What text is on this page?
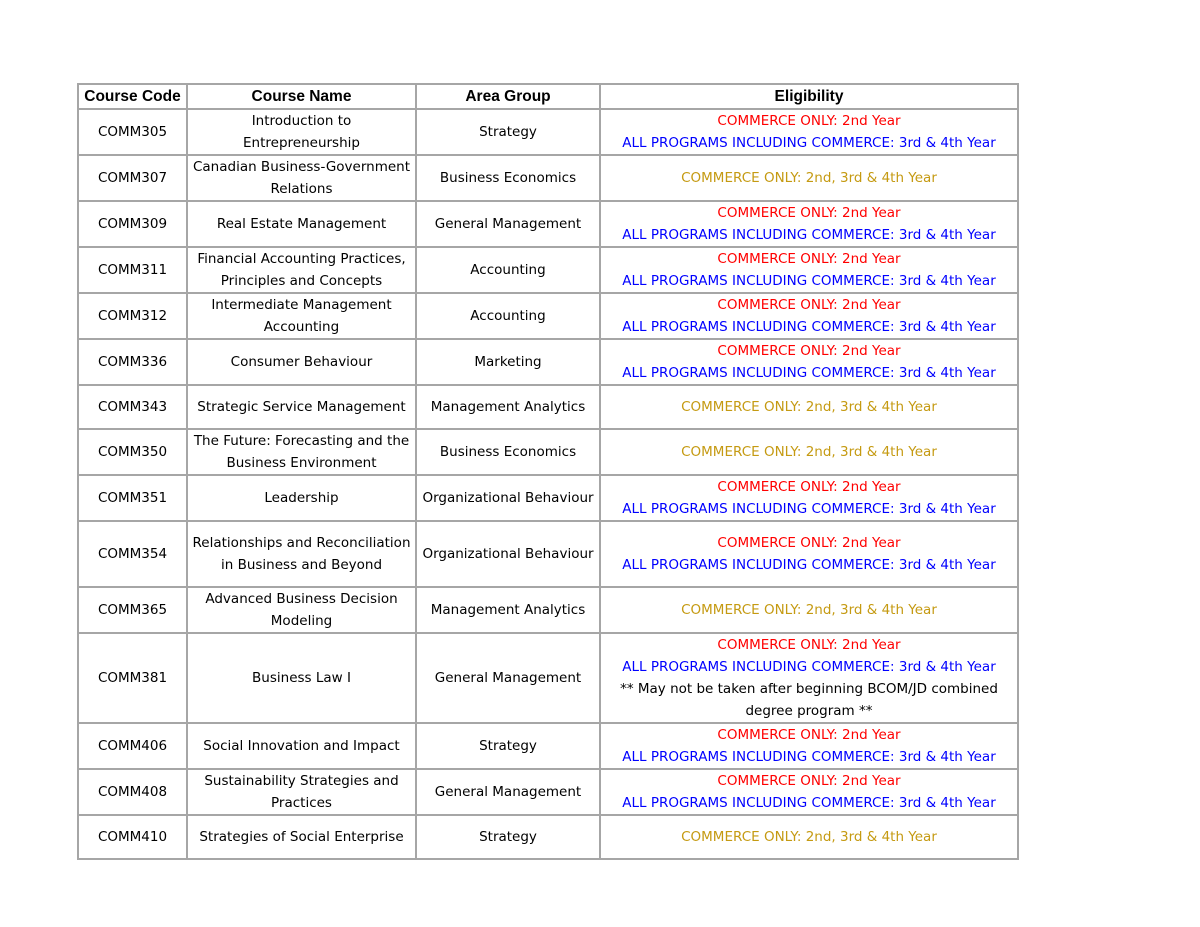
Course Code	Course Name	Area Group	Eligibility
COMM305	Introduction to
Entrepreneurship	Strategy	COMMERCE ONLY: 2nd Year
ALL PROGRAMS INCLUDING COMMERCE: 3rd & 4th Year

COMM307	Canadian Business-Government
Relations	Business Economics	COMMERCE ONLY: 2nd, 3rd & 4th Year

COMM309	Real Estate Management	General Management	COMMERCE ONLY: 2nd Year
ALL PROGRAMS INCLUDING COMMERCE: 3rd & 4th Year

COMM311	Financial Accounting Practices,
Principles and Concepts	Accounting	COMMERCE ONLY: 2nd Year
ALL PROGRAMS INCLUDING COMMERCE: 3rd & 4th Year

COMM312	Intermediate Management
Accounting	Accounting	COMMERCE ONLY: 2nd Year
ALL PROGRAMS INCLUDING COMMERCE: 3rd & 4th Year

COMM336	Consumer Behaviour	Marketing	COMMERCE ONLY: 2nd Year
ALL PROGRAMS INCLUDING COMMERCE: 3rd & 4th Year

COMM343	Strategic Service Management	Management Analytics	COMMERCE ONLY: 2nd, 3rd & 4th Year

COMM350	The Future: Forecasting and the
Business Environment	Business Economics	COMMERCE ONLY: 2nd, 3rd & 4th Year

COMM351	Leadership	Organizational Behaviour	COMMERCE ONLY: 2nd Year
ALL PROGRAMS INCLUDING COMMERCE: 3rd & 4th Year

COMM354	Relationships and Reconciliation
in Business and Beyond	Organizational Behaviour	COMMERCE ONLY: 2nd Year
ALL PROGRAMS INCLUDING COMMERCE: 3rd & 4th Year

COMM365	Advanced Business Decision
Modeling	Management Analytics	COMMERCE ONLY: 2nd, 3rd & 4th Year

COMM381	Business Law I	General Management	COMMERCE ONLY: 2nd Year
ALL PROGRAMS INCLUDING COMMERCE: 3rd & 4th Year
** May not be taken after beginning BCOM/JD combined
degree program **

COMM406	Social Innovation and Impact	Strategy	COMMERCE ONLY: 2nd Year
ALL PROGRAMS INCLUDING COMMERCE: 3rd & 4th Year

COMM408	Sustainability Strategies and
Practices	General Management	COMMERCE ONLY: 2nd Year
ALL PROGRAMS INCLUDING COMMERCE: 3rd & 4th Year

COMM410	Strategies of Social Enterprise	Strategy	COMMERCE ONLY: 2nd, 3rd & 4th Year
